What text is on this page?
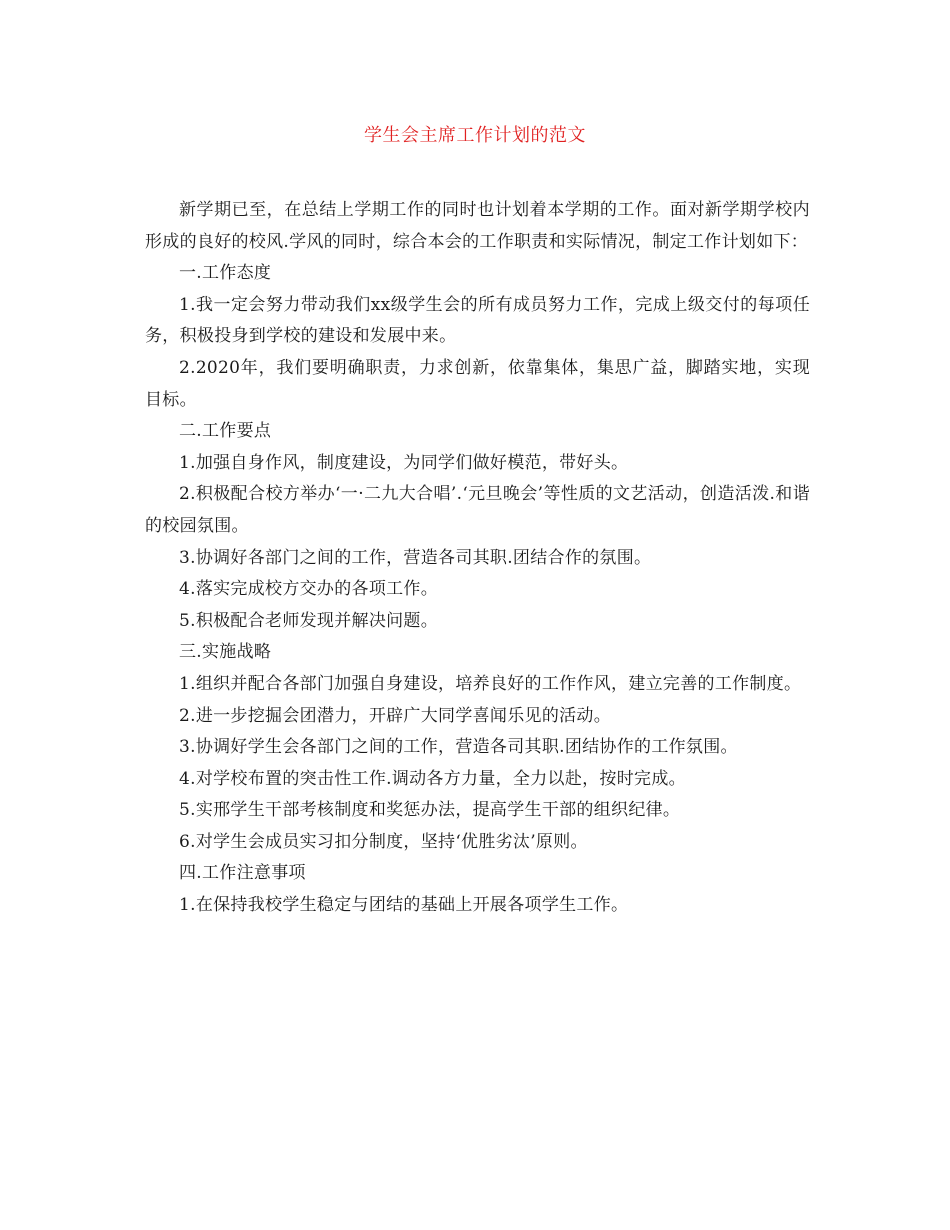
学生会主席工作计划的范文

新学期已至，在总结上学期工作的同时也计划着本学期的工作。面对新学期学校内形成的良好的校风.学风的同时，综合本会的工作职责和实际情况，制定工作计划如下：

一.工作态度

1.我一定会努力带动我们xx级学生会的所有成员努力工作，完成上级交付的每项任务，积极投身到学校的建设和发展中来。

2.2020年，我们要明确职责，力求创新，依靠集体，集思广益，脚踏实地，实现目标。

二.工作要点

1.加强自身作风，制度建设，为同学们做好模范，带好头。

2.积极配合校方举办‘一·二九大合唱’.‘元旦晚会’等性质的文艺活动，创造活泼.和谐的校园氛围。

3.协调好各部门之间的工作，营造各司其职.团结合作的氛围。

4.落实完成校方交办的各项工作。

5.积极配合老师发现并解决问题。

三.实施战略

1.组织并配合各部门加强自身建设，培养良好的工作作风，建立完善的工作制度。

2.进一步挖掘会团潜力，开辟广大同学喜闻乐见的活动。

3.协调好学生会各部门之间的工作，营造各司其职.团结协作的工作氛围。

4.对学校布置的突击性工作.调动各方力量，全力以赴，按时完成。

5.实邢学生干部考核制度和奖惩办法，提高学生干部的组织纪律。

6.对学生会成员实习扣分制度，坚持‘优胜劣汰’原则。

四.工作注意事项

1.在保持我校学生稳定与团结的基础上开展各项学生工作。
